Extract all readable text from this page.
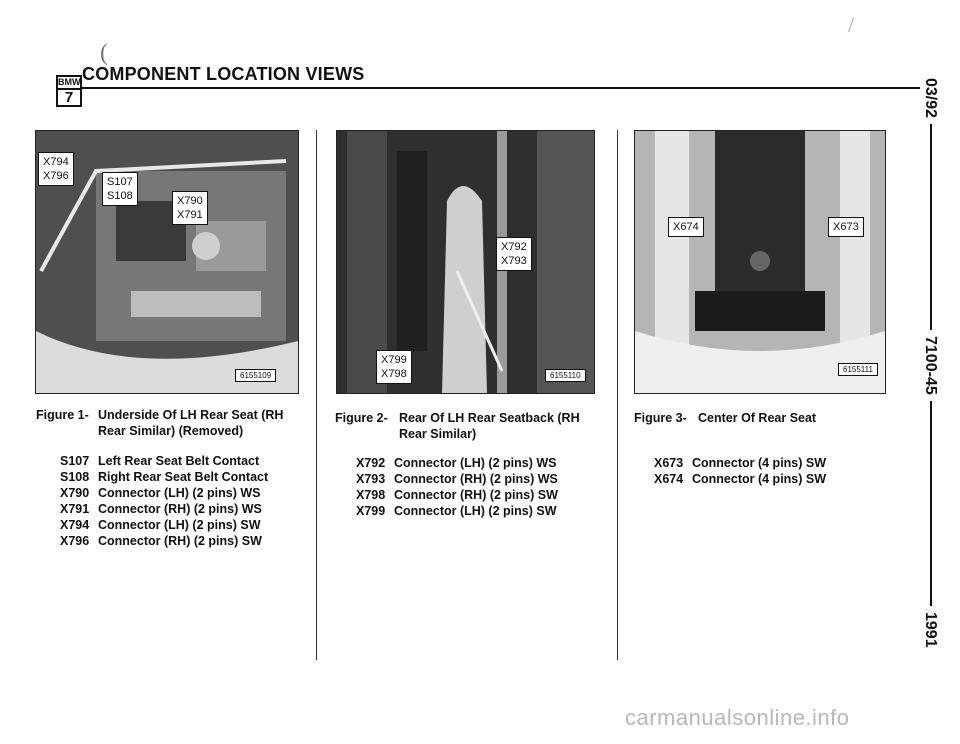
(
/
BMW
7
COMPONENT LOCATION VIEWS
03/92
7100-45
1991
X794
X796	S107
S108	X790
X791
6155109
X792
X793
X799
X798	6155110
X674	X673
6155111
Figure 1- Underside Of LH Rear Seat (RH
Rear Similar) (Removed)
S107 Left Rear Seat Belt Contact
S108 Right Rear Seat Belt Contact
X790 Connector (LH) (2 pins) WS
X791 Connector (RH) (2 pins) WS
X794 Connector (LH) (2 pins) SW
X796 Connector (RH) (2 pins) SW
Figure 2- Rear Of LH Rear Seatback (RH
Rear Similar)
X792 Connector (LH) (2 pins) WS
X793 Connector (RH) (2 pins) WS
X798 Connector (RH) (2 pins) SW
X799 Connector (LH) (2 pins) SW
Figure 3- Center Of Rear Seat
X673 Connector (4 pins) SW
X674 Connector (4 pins) SW
carmanualsonline.info
